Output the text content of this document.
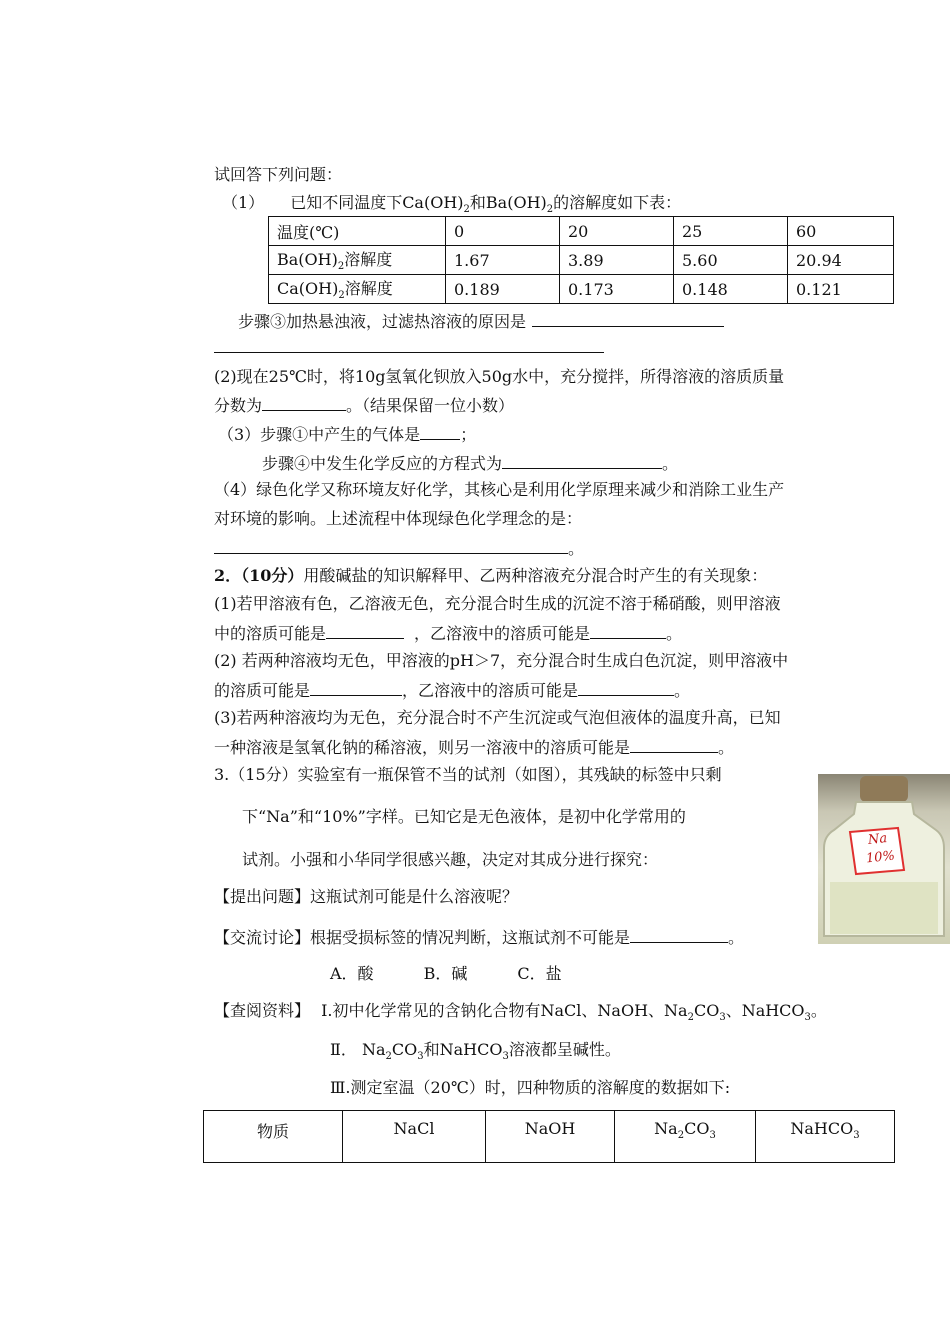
试回答下列问题：
（1） 已知不同温度下$Ca(OH)_2$和$Ba(OH)_2$的溶解度如下表：
温度(℃)	0	20	25	60
$Ba(OH)_2$溶解度	1.67	3.89	5.60	20.94
$Ca(OH)_2$溶解度	0.189	0.173	0.148	0.121
步骤③加热悬浊液，过滤热溶液的原因是
(2)现在25℃时，将10g氢氧化钡放入50g水中，充分搅拌，所得溶液的溶质质量
分数为	。（结果保留一位小数）
（3）步骤①中产生的气体是	；
步骤④中发生化学反应的方程式为	。
（4）绿色化学又称环境友好化学，其核心是利用化学原理来减少和消除工业生产
对环境的影响。上述流程中体现绿色化学理念的是：
。
2．（10分）用酸碱盐的知识解释甲、乙两种溶液充分混合时产生的有关现象：
(1)若甲溶液有色，乙溶液无色，充分混合时生成的沉淀不溶于稀硝酸，则甲溶液
中的溶质可能是	，乙溶液中的溶质可能是	。
(2) 若两种溶液均无色，甲溶液的pH＞7，充分混合时生成白色沉淀，则甲溶液中
的溶质可能是	，乙溶液中的溶质可能是	。
(3)若两种溶液均为无色，充分混合时不产生沉淀或气泡但液体的温度升高，已知
一种溶液是氢氧化钠的稀溶液，则另一溶液中的溶质可能是	。
3.（15分）实验室有一瓶保管不当的试剂（如图），其残缺的标签中只剩
下“Na”和“10%”字样。已知它是无色液体，是初中化学常用的
试剂。小强和小华同学很感兴趣，决定对其成分进行探究：
【提出问题】这瓶试剂可能是什么溶液呢？
【交流讨论】根据受损标签的情况判断，这瓶试剂不可能是	。
A．酸	B．碱	C．盐
【查阅资料】 Ⅰ.初中化学常见的含钠化合物有NaCl、NaOH、$Na_2CO_3$、NaHCO$_3$。
Ⅱ． $Na_2CO_3$和NaHCO$_3$溶液都呈碱性。
Ⅲ.测定室温（20℃）时，四种物质的溶解度的数据如下:
物质	NaCl	NaOH	$Na_2CO_3$	NaHCO$_3$
Na
10%
